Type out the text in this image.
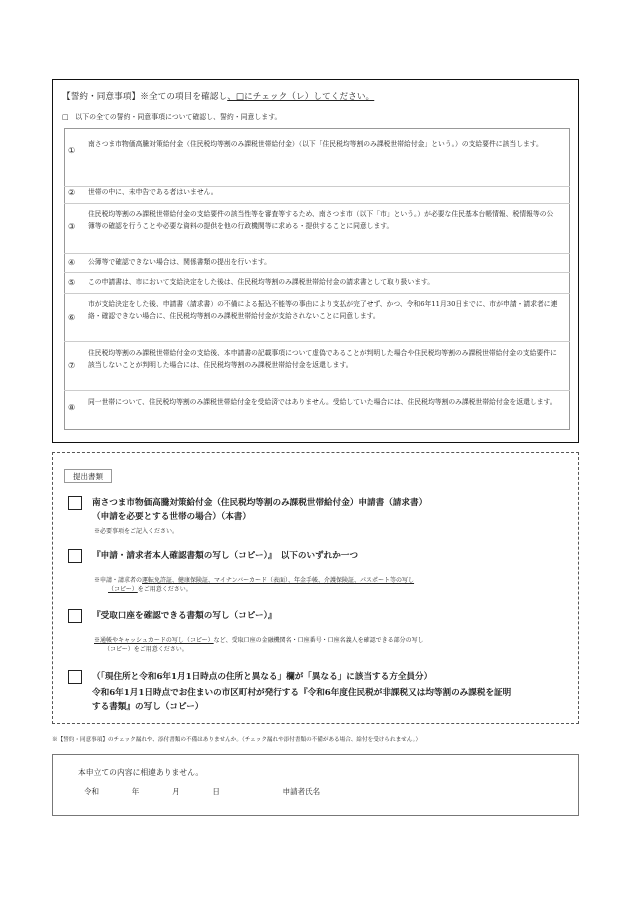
【誓約・同意事項】※全ての項目を確認し、□にチェック（レ）してください。
□　以下の全ての誓約・同意事項について確認し、誓約・同意します。
①
南さつま市物価高騰対策給付金（住民税均等割のみ課税世帯給付金）（以下「住民税均等割のみ課税世帯給付金」という。）の支給要件に該当します。
② 世帯の中に、未申告である者はいません。
③
住民税均等割のみ課税世帯給付金の支給要件の該当性等を審査等するため、南さつま市（以下「市」という。）が必要な住民基本台帳情報、税情報等の公簿等の確認を行うことや必要な資料の提供を他の行政機関等に求める・提供することに同意します。
④ 公簿等で確認できない場合は、関係書類の提出を行います。
⑤ この申請書は、市において支給決定をした後は、住民税均等割のみ課税世帯給付金の請求書として取り扱います。
⑥
市が支給決定をした後、申請書（請求書）の不備による振込不能等の事由により支払が完了せず、かつ、令和6年11月30日までに、市が申請・請求者に連絡・確認できない場合に、住民税均等割のみ課税世帯給付金が支給されないことに同意します。
⑦
住民税均等割のみ課税世帯給付金の支給後、本申請書の記載事項について虚偽であることが判明した場合や住民税均等割のみ課税世帯給付金の支給要件に該当しないことが判明した場合には、住民税均等割のみ課税世帯給付金を返還します。
⑧
同一世帯について、住民税均等割のみ課税世帯給付金を受給済ではありません。受給していた場合には、住民税均等割のみ課税世帯給付金を返還します。
提出書類
南さつま市物価高騰対策給付金（住民税均等割のみ課税世帯給付金）申請書（請求書）
（申請を必要とする世帯の場合）（本書）
※必要事項をご記入ください。
『申請・請求者本人確認書類の写し（コピー）』　以下のいずれか一つ
※申請・請求者の運転免許証、健康保険証、マイナンバーカード（表面）、年金手帳、介護保険証、パスポート等の写し
（コピー）をご用意ください。
『受取口座を確認できる書類の写し（コピー）』
※通帳やキャッシュカードの写し（コピー）など、受取口座の金融機関名・口座番号・口座名義人を確認できる部分の写し
（コピー）をご用意ください。
（「現住所と令和6年1月1日時点の住所と異なる」欄が「異なる」に該当する方全員分）
令和6年1月1日時点でお住まいの市区町村が発行する『令和6年度住民税が非課税又は均等割のみ課税を証明
する書類』の写し（コピー）
※【誓約・同意事項】のチェック漏れや、添付書類の不備はありませんか。（チェック漏れや添付書類の不備がある場合、給付を受けられません。）
本申立ての内容に相違ありません。
令和	年	月	日	申請者氏名
